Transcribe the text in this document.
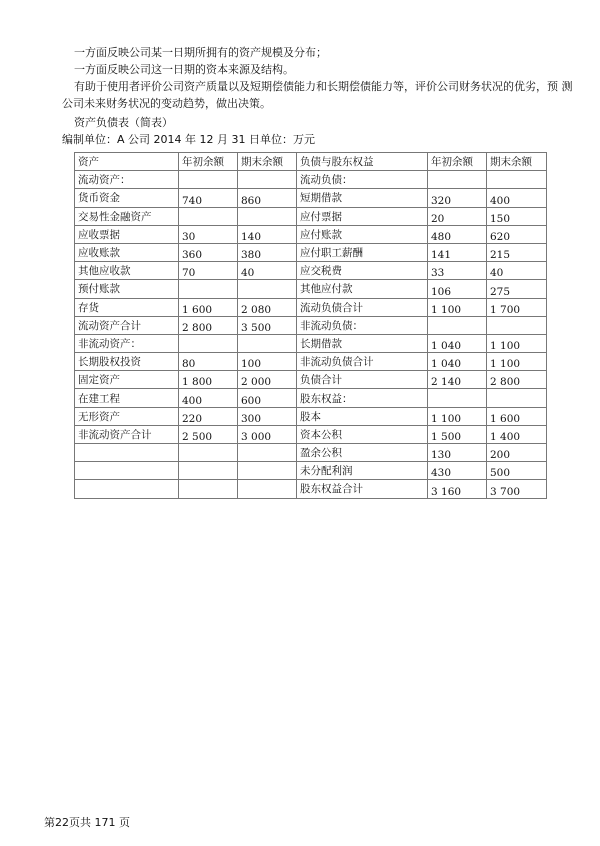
一方面反映公司某一日期所拥有的资产规模及分布；
一方面反映公司这一日期的资本来源及结构。
有助于使用者评价公司资产质量以及短期偿债能力和长期偿债能力等，评价公司财务状况的优劣，预 测公司未来财务状况的变动趋势，做出决策。
资产负债表（简表）
编制单位：A 公司 2014 年 12 月 31 日单位：万元
资产	年初余额	期末余额	负债与股东权益	年初余额	期末余额
流动资产：			流动负债：		
货币资金	740	860	短期借款	320	400
交易性金融资产			应付票据	20	150
应收票据	30	140	应付账款	480	620
应收账款	360	380	应付职工薪酬	141	215
其他应收款	70	40	应交税费	33	40
预付账款			其他应付款	106	275
存货	1 600	2 080	流动负债合计	1 100	1 700
流动资产合计	2 800	3 500	非流动负债：		
非流动资产：			长期借款	1 040	1 100
长期股权投资	80	100	非流动负债合计	1 040	1 100
固定资产	1 800	2 000	负债合计	2 140	2 800
在建工程	400	600	股东权益：		
无形资产	220	300	股本	1 100	1 600
非流动资产合计	2 500	3 000	资本公积	1 500	1 400
			盈余公积	130	200
			未分配利润	430	500
			股东权益合计	3 160	3 700
第22页共 171 页
